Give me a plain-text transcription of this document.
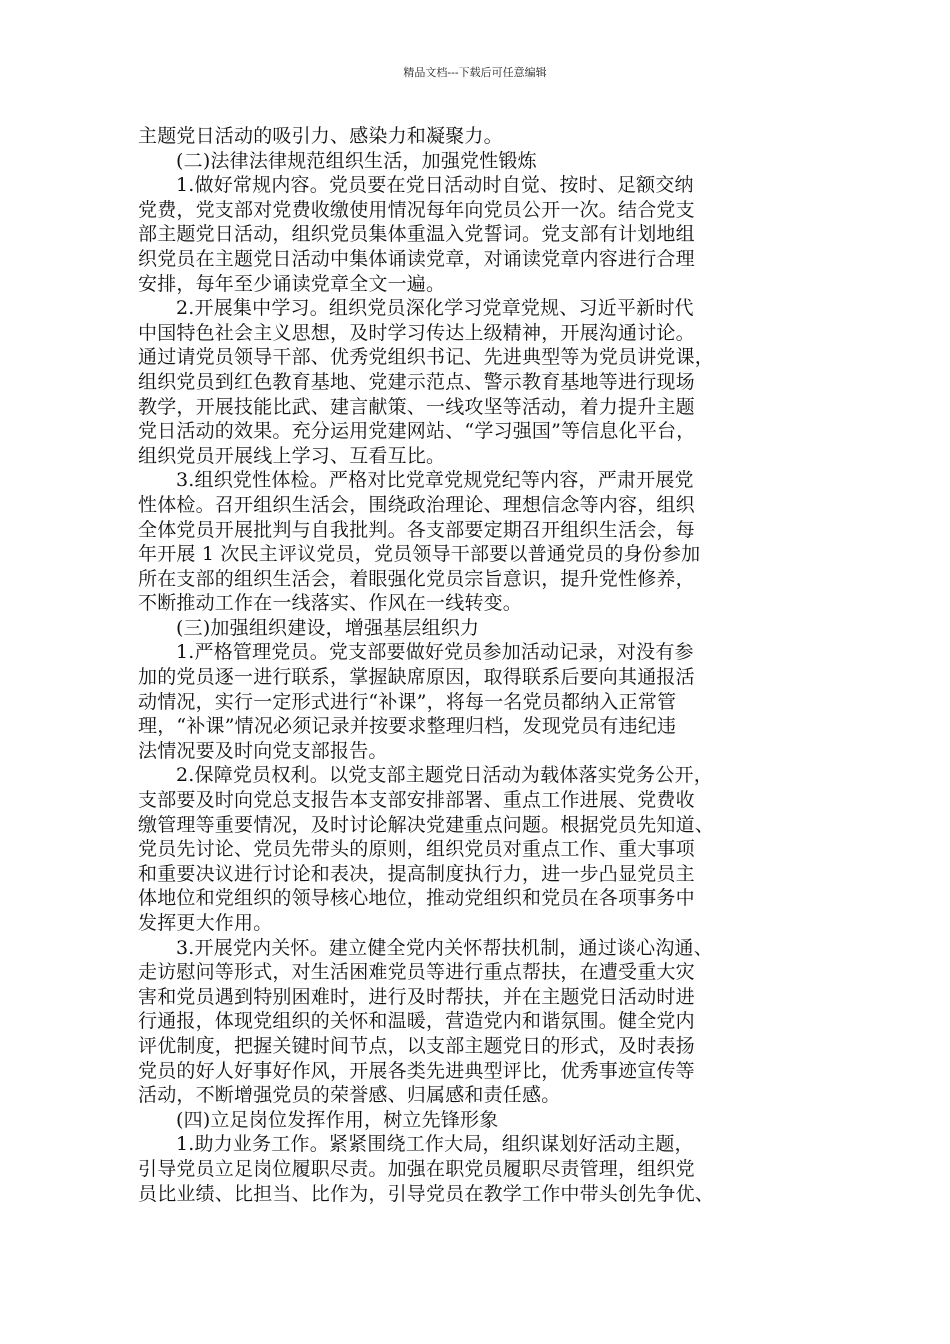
精品文档---下载后可任意编辑
主题党日活动的吸引力、感染力和凝聚力。
(二)法律法律规范组织生活，加强党性锻炼
1.做好常规内容。党员要在党日活动时自觉、按时、足额交纳
党费，党支部对党费收缴使用情况每年向党员公开一次。结合党支
部主题党日活动，组织党员集体重温入党誓词。党支部有计划地组
织党员在主题党日活动中集体诵读党章，对诵读党章内容进行合理
安排，每年至少诵读党章全文一遍。
2.开展集中学习。组织党员深化学习党章党规、习近平新时代
中国特色社会主义思想，及时学习传达上级精神，开展沟通讨论。
通过请党员领导干部、优秀党组织书记、先进典型等为党员讲党课，
组织党员到红色教育基地、党建示范点、警示教育基地等进行现场
教学，开展技能比武、建言献策、一线攻坚等活动，着力提升主题
党日活动的效果。充分运用党建网站、“学习强国”等信息化平台，
组织党员开展线上学习、互看互比。
3.组织党性体检。严格对比党章党规党纪等内容，严肃开展党
性体检。召开组织生活会，围绕政治理论、理想信念等内容，组织
全体党员开展批判与自我批判。各支部要定期召开组织生活会，每
年开展 1 次民主评议党员，党员领导干部要以普通党员的身份参加
所在支部的组织生活会，着眼强化党员宗旨意识，提升党性修养，
不断推动工作在一线落实、作风在一线转变。
(三)加强组织建设，增强基层组织力
1.严格管理党员。党支部要做好党员参加活动记录，对没有参
加的党员逐一进行联系，掌握缺席原因，取得联系后要向其通报活
动情况，实行一定形式进行“补课”，将每一名党员都纳入正常管
理，“补课”情况必须记录并按要求整理归档，发现党员有违纪违
法情况要及时向党支部报告。
2.保障党员权利。以党支部主题党日活动为载体落实党务公开，
支部要及时向党总支报告本支部安排部署、重点工作进展、党费收
缴管理等重要情况，及时讨论解决党建重点问题。根据党员先知道、
党员先讨论、党员先带头的原则，组织党员对重点工作、重大事项
和重要决议进行讨论和表决，提高制度执行力，进一步凸显党员主
体地位和党组织的领导核心地位，推动党组织和党员在各项事务中
发挥更大作用。
3.开展党内关怀。建立健全党内关怀帮扶机制，通过谈心沟通、
走访慰问等形式，对生活困难党员等进行重点帮扶，在遭受重大灾
害和党员遇到特别困难时，进行及时帮扶，并在主题党日活动时进
行通报，体现党组织的关怀和温暖，营造党内和谐氛围。健全党内
评优制度，把握关键时间节点，以支部主题党日的形式，及时表扬
党员的好人好事好作风，开展各类先进典型评比，优秀事迹宣传等
活动，不断增强党员的荣誉感、归属感和责任感。
(四)立足岗位发挥作用，树立先锋形象
1.助力业务工作。紧紧围绕工作大局，组织谋划好活动主题，
引导党员立足岗位履职尽责。加强在职党员履职尽责管理，组织党
员比业绩、比担当、比作为，引导党员在教学工作中带头创先争优、
